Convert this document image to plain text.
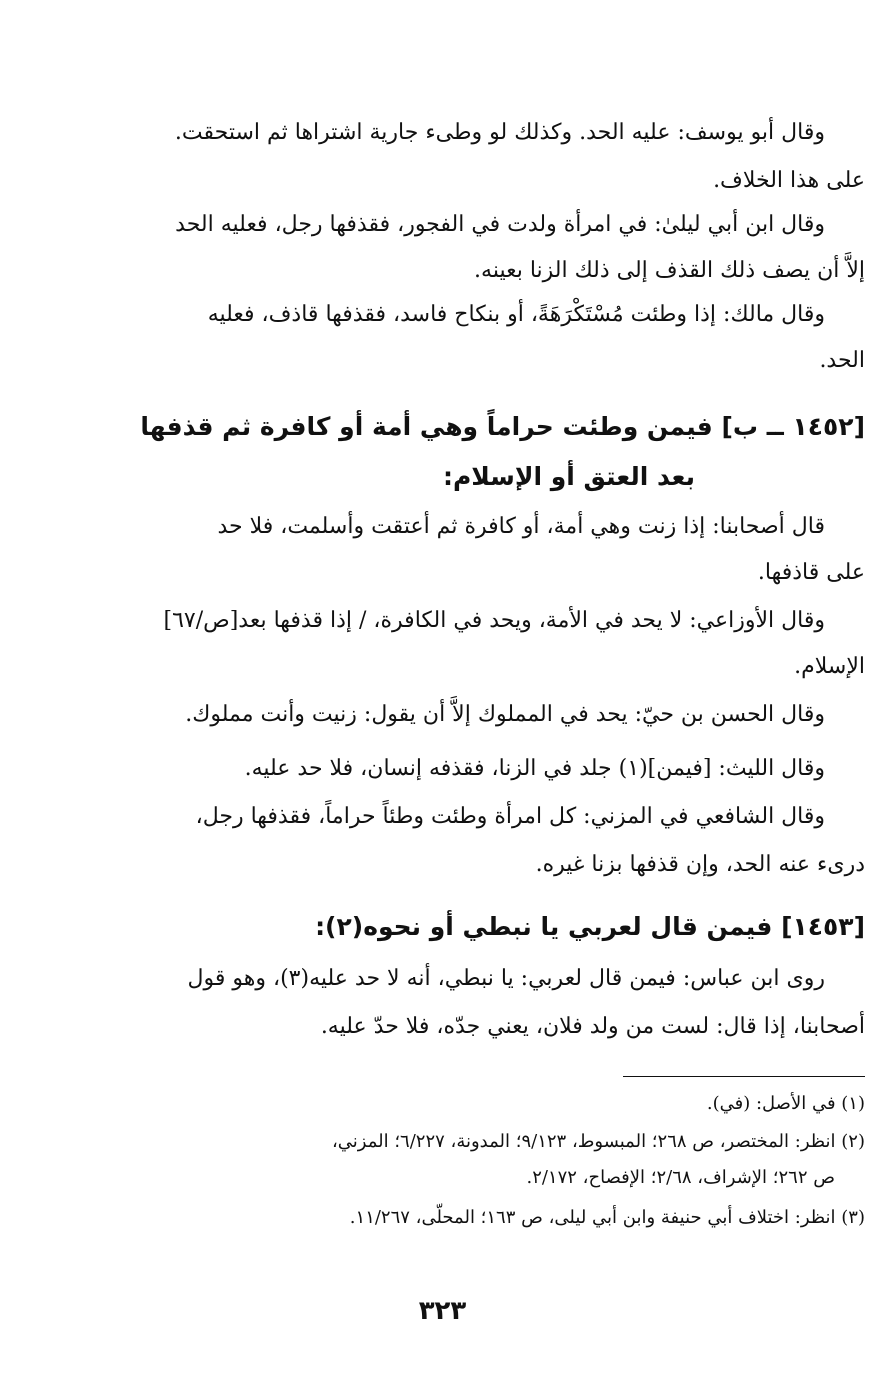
وقال أبو يوسف: عليه الحد. وكذلك لو وطىء جارية اشتراها ثم استحقت.
على هذا الخلاف.
وقال ابن أبي ليلىٰ: في امرأة ولدت في الفجور، فقذفها رجل، فعليه الحد
إلاَّ أن يصف ذلك القذف إلى ذلك الزنا بعينه.
وقال مالك: إذا وطئت مُسْتَكْرَهَةً، أو بنكاح فاسد، فقذفها قاذف، فعليه
الحد.
[١٤٥٢ ــ ب] فيمن وطئت حراماً وهي أمة أو كافرة ثم قذفها
بعد العتق أو الإسلام:
قال أصحابنا: إذا زنت وهي أمة، أو كافرة ثم أعتقت وأسلمت، فلا حد
على قاذفها.
وقال الأوزاعي: لا يحد في الأمة، ويحد في الكافرة، / إذا قذفها بعد[ص/٦٧]
الإسلام.
وقال الحسن بن حيّ: يحد في المملوك إلاَّ أن يقول: زنيت وأنت مملوك.
وقال الليث: [فيمن](١) جلد في الزنا، فقذفه إنسان، فلا حد عليه.
وقال الشافعي في المزني: كل امرأة وطئت وطئاً حراماً، فقذفها رجل،
درىء عنه الحد، وإن قذفها بزنا غيره.
[١٤٥٣] فيمن قال لعربي يا نبطي أو نحوه(٢):
روى ابن عباس: فيمن قال لعربي: يا نبطي، أنه لا حد عليه(٣)، وهو قول
أصحابنا، إذا قال: لست من ولد فلان، يعني جدّه، فلا حدّ عليه.
(١) في الأصل: (في).
(٢) انظر: المختصر، ص ٢٦٨؛ المبسوط، ٩/١٢٣؛ المدونة، ٦/٢٢٧؛ المزني،
ص ٢٦٢؛ الإشراف، ٢/٦٨؛ الإفصاح، ٢/١٧٢.
(٣) انظر: اختلاف أبي حنيفة وابن أبي ليلى، ص ١٦٣؛ المحلّى، ١١/٢٦٧.
٣٢٣
